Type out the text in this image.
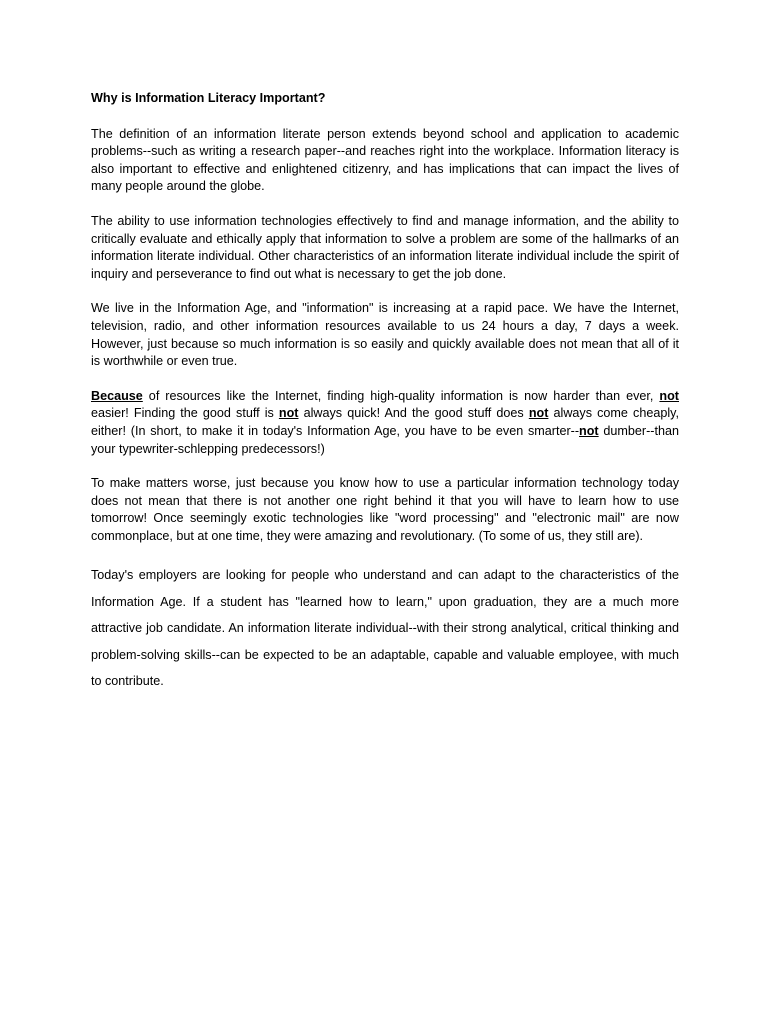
Why is Information Literacy Important?

The definition of an information literate person extends beyond school and application to academic problems--such as writing a research paper--and reaches right into the workplace. Information literacy is also important to effective and enlightened citizenry, and has implications that can impact the lives of many people around the globe.

The ability to use information technologies effectively to find and manage information, and the ability to critically evaluate and ethically apply that information to solve a problem are some of the hallmarks of an information literate individual. Other characteristics of an information literate individual include the spirit of inquiry and perseverance to find out what is necessary to get the job done.

We live in the Information Age, and "information" is increasing at a rapid pace. We have the Internet, television, radio, and other information resources available to us 24 hours a day, 7 days a week. However, just because so much information is so easily and quickly available does not mean that all of it is worthwhile or even true.

Because of resources like the Internet, finding high-quality information is now harder than ever, not easier! Finding the good stuff is not always quick! And the good stuff does not always come cheaply, either! (In short, to make it in today's Information Age, you have to be even smarter--not dumber--than your typewriter-schlepping predecessors!)

To make matters worse, just because you know how to use a particular information technology today does not mean that there is not another one right behind it that you will have to learn how to use tomorrow! Once seemingly exotic technologies like "word processing" and "electronic mail" are now commonplace, but at one time, they were amazing and revolutionary. (To some of us, they still are).

Today's employers are looking for people who understand and can adapt to the characteristics of the Information Age. If a student has "learned how to learn," upon graduation, they are a much more attractive job candidate. An information literate individual--with their strong analytical, critical thinking and problem-solving skills--can be expected to be an adaptable, capable and valuable employee, with much to contribute.
